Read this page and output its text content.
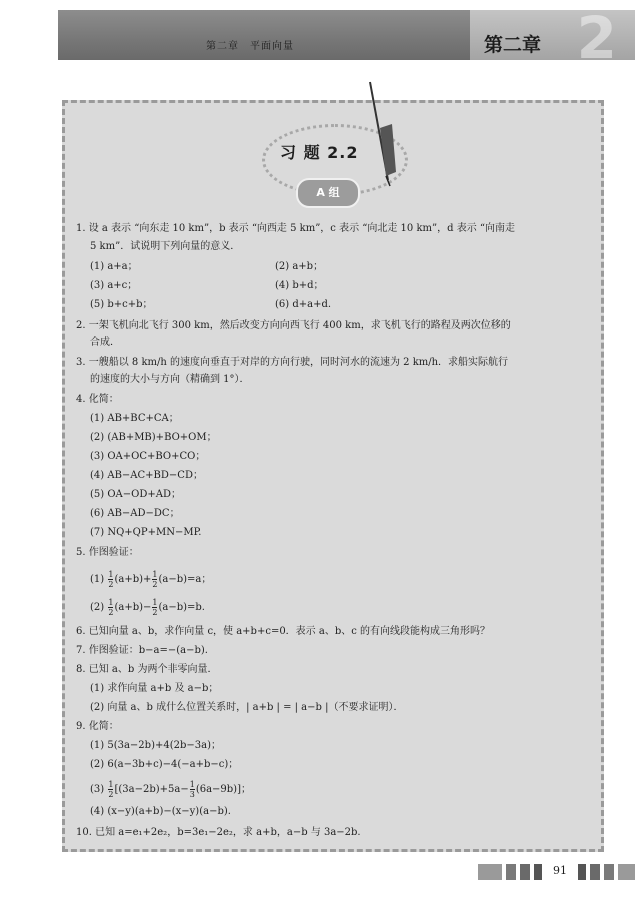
第二章　平面向量	2
第二章
习 题 2.2
A 组
1. 设 a 表示 “向东走 10 km”，b 表示 “向西走 5 km”，c 表示 “向北走 10 km”，d 表示 “向南走
5 km”．试说明下列向量的意义．
(1) a+a；	(2) a+b；
(3) a+c；	(4) b+d；
(5) b+c+b；	(6) d+a+d.
2. 一架飞机向北飞行 300 km，然后改变方向向西飞行 400 km，求飞机飞行的路程及两次位移的
合成．
3. 一艘船以 8 km/h 的速度向垂直于对岸的方向行驶，同时河水的流速为 2 km/h．求船实际航行
的速度的大小与方向（精确到 1°）．
4. 化简：
(1) AB+BC+CA；
(2) (AB+MB)+BO+OM；
(3) OA+OC+BO+CO；
(4) AB−AC+BD−CD；
(5) OA−OD+AD；
(6) AB−AD−DC；
(7) NQ+QP+MN−MP.
5. 作图验证：
$(1) \frac{1}{2} (a+b)+ \frac{1}{2} (a-b)=a$；
$(2) \frac{1}{2} (a+b)- \frac{1}{2} (a-b)=b$.
6. 已知向量 a、b，求作向量 c，使 a+b+c=0．表示 a、b、c 的有向线段能构成三角形吗？
7. 作图验证：b−a=−(a−b).
8. 已知 a、b 为两个非零向量．
(1) 求作向量 a+b 及 a−b；
(2) 向量 a、b 成什么位置关系时，| a+b | = | a−b |（不要求证明）．
9. 化简：
(1) 5(3a−2b)+4(2b−3a)；
(2) 6(a−3b+c)−4(−a+b−c)；
$(3) \frac{1}{2} [(3a-2b)+5a- \frac{1}{3} (6a-9b)]$；
(4) (x−y)(a+b)−(x−y)(a−b).
10. 已知 a=e₁+2e₂，b=3e₁−2e₂，求 a+b，a−b 与 3a−2b.
91
